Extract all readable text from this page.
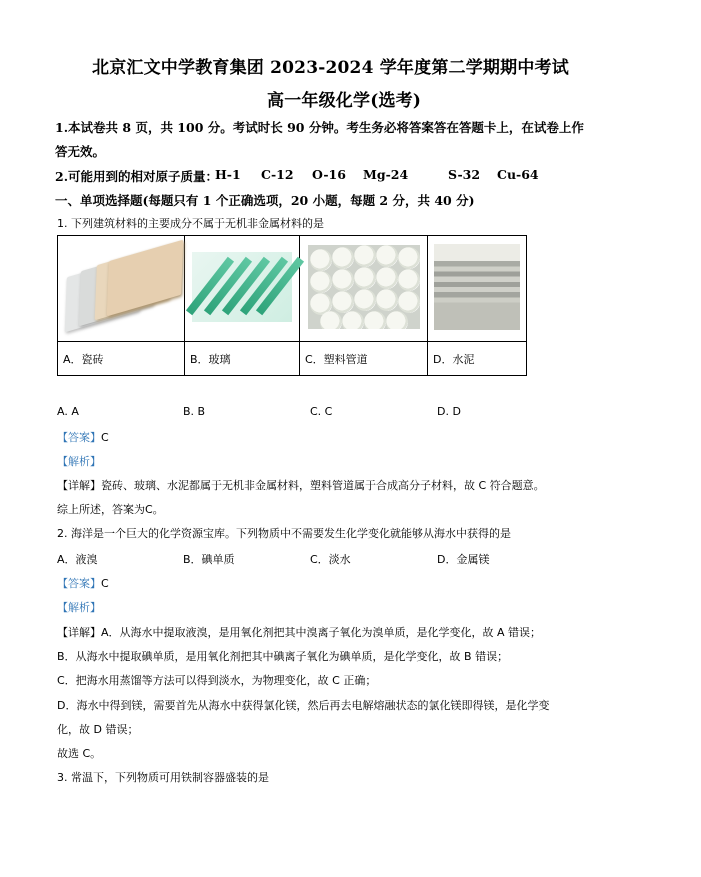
北京汇文中学教育集团 2023-2024 学年度第二学期期中考试
高一年级化学(选考)
1.本试卷共 8 页，共 100 分。考试时长 90 分钟。考生务必将答案答在答题卡上，在试卷上作
答无效。
2.可能用到的相对原子质量：
H-1 C-12 O-16 Mg-24	S-32 Cu-64
一、单项选择题(每题只有 1 个正确选项，20 小题，每题 2 分，共 40 分)
1. 下列建筑材料的主要成分不属于无机非金属材料的是

A．瓷砖	B．玻璃	C．塑料管道	D．水泥
A. A	B. B	C. C	D. D
【答案】C
【解析】
【详解】瓷砖、玻璃、水泥都属于无机非金属材料，塑料管道属于合成高分子材料，故 C 符合题意。
综上所述，答案为C。
2. 海洋是一个巨大的化学资源宝库。下列物质中不需要发生化学变化就能够从海水中获得的是
A．液溴	B．碘单质	C．淡水	D．金属镁
【答案】C
【解析】
【详解】A．从海水中提取液溴，是用氧化剂把其中溴离子氧化为溴单质，是化学变化，故 A 错误；
B．从海水中提取碘单质，是用氧化剂把其中碘离子氧化为碘单质，是化学变化，故 B 错误；
C．把海水用蒸馏等方法可以得到淡水，为物理变化，故 C 正确；
D．海水中得到镁，需要首先从海水中获得氯化镁，然后再去电解熔融状态的氯化镁即得镁，是化学变
化，故 D 错误；
故选 C。
3. 常温下，下列物质可用铁制容器盛装的是
